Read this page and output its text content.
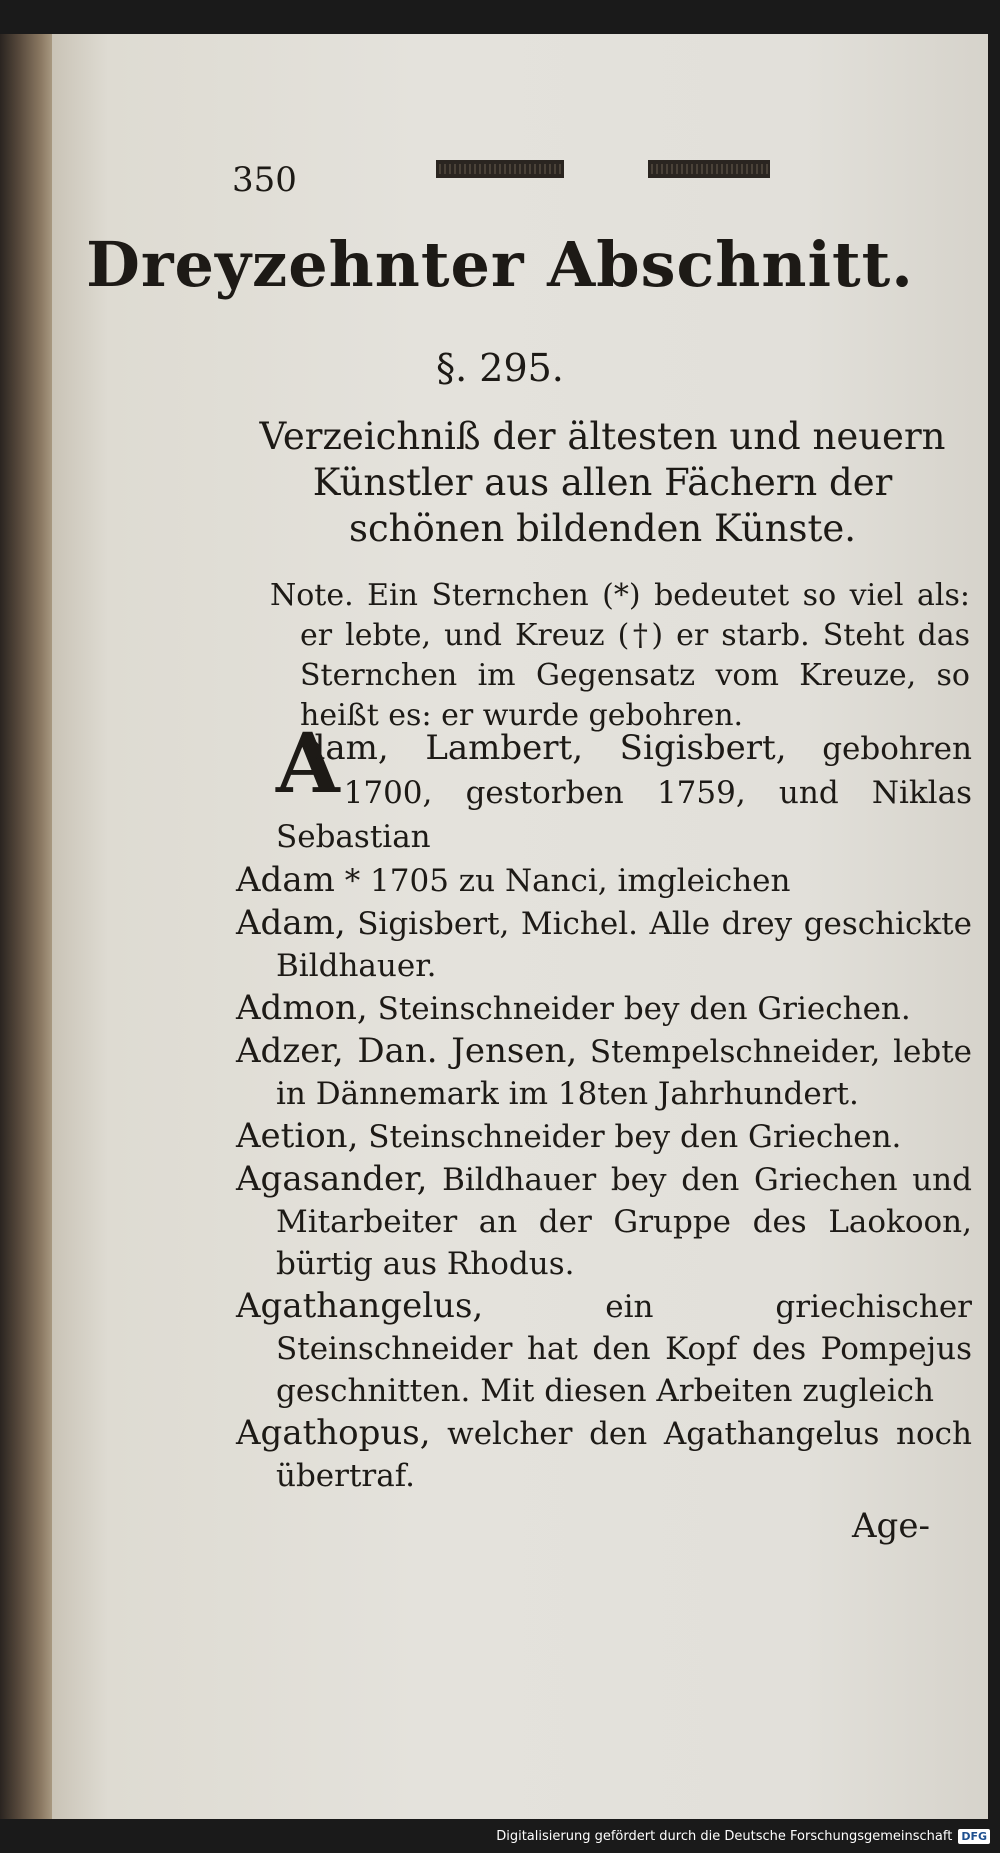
350
Dreyzehnter Abschnitt.
§. 295.
Verzeichniß der ältesten und neuern Künstler aus allen Fächern der schönen bildenden Künste.
Note. Ein Sternchen (*) bedeutet so viel als: er lebte, und Kreuz (†) er starb. Steht das Sternchen im Gegensatz vom Kreuze, so heißt es: er wurde gebohren.

A
dam, Lambert, Sigisbert, gebohren 1700, gestorben 1759, und Niklas Sebastian

Adam * 1705 zu Nanci, imgleichen

Adam, Sigisbert, Michel. Alle drey geschickte Bildhauer.

Admon, Steinschneider bey den Griechen.

Adzer, Dan. Jensen, Stempelschneider, lebte in Dännemark im 18ten Jahrhundert.

Aetion, Steinschneider bey den Griechen.

Agasander, Bildhauer bey den Griechen und Mitarbeiter an der Gruppe des Laokoon, bürtig aus Rhodus.

Agathangelus, ein griechischer Steinschneider hat den Kopf des Pompejus geschnitten. Mit diesen Arbeiten zugleich

Agathopus, welcher den Agathangelus noch übertraf.

Age-
Digitalisierung gefördert durch die Deutsche Forschungsgemeinschaft DFG
